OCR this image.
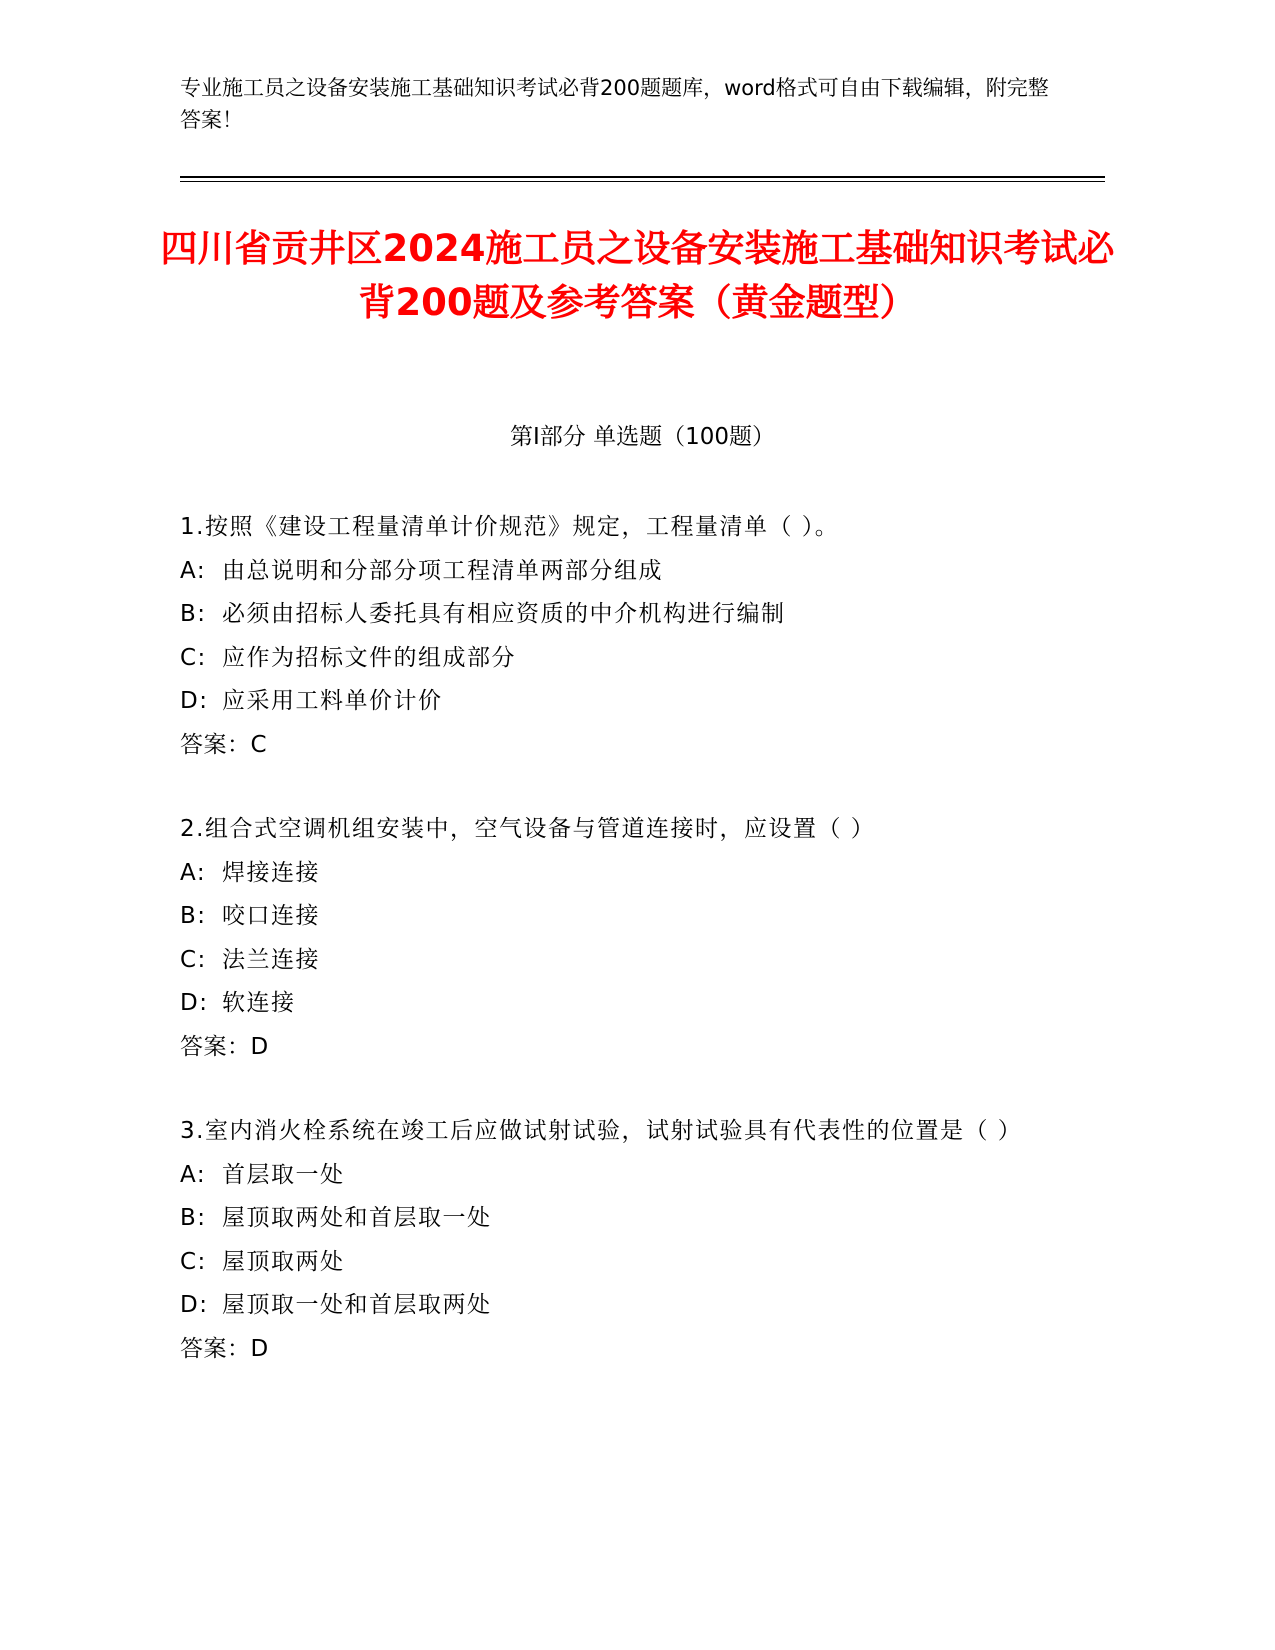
专业施工员之设备安装施工基础知识考试必背200题题库，word格式可自由下载编辑，附完整答案！
四川省贡井区2024施工员之设备安装施工基础知识考试必背200题及参考答案（黄金题型）
第I部分 单选题（100题）
1.按照《建设工程量清单计价规范》规定，工程量清单（ ）。
A: 由总说明和分部分项工程清单两部分组成
B: 必须由招标人委托具有相应资质的中介机构进行编制
C: 应作为招标文件的组成部分
D: 应采用工料单价计价
答案：C
2.组合式空调机组安装中，空气设备与管道连接时，应设置（ ）
A: 焊接连接
B: 咬口连接
C: 法兰连接
D: 软连接
答案：D
3.室内消火栓系统在竣工后应做试射试验，试射试验具有代表性的位置是（ ）
A: 首层取一处
B: 屋顶取两处和首层取一处
C: 屋顶取两处
D: 屋顶取一处和首层取两处
答案：D
